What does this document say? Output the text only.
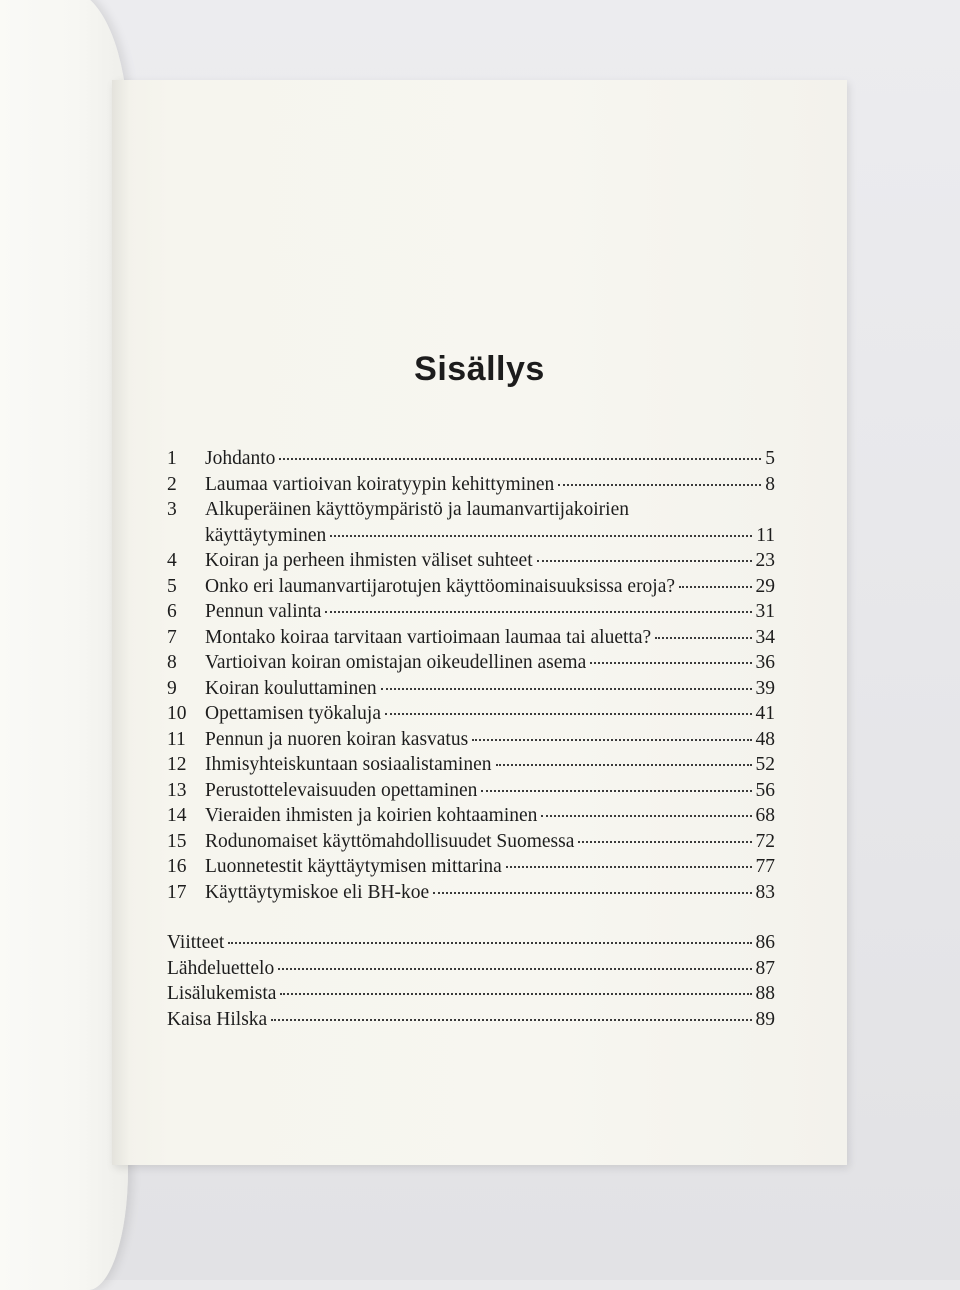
Sisällys
1	Johdanto	5
2	Laumaa vartioivan koiratyypin kehittyminen	8
3	Alkuperäinen käyttöympäristö ja laumanvartijakoirien
käyttäytyminen	11
4	Koiran ja perheen ihmisten väliset suhteet	23
5	Onko eri laumanvartijarotujen käyttöominaisuuksissa eroja?	29
6	Pennun valinta	31
7	Montako koiraa tarvitaan vartioimaan laumaa tai aluetta?	34
8	Vartioivan koiran omistajan oikeudellinen asema	36
9	Koiran kouluttaminen	39
10 Opettamisen työkaluja	41
11 Pennun ja nuoren koiran kasvatus	48
12 Ihmisyhteiskuntaan sosiaalistaminen	52
13 Perustottelevaisuuden opettaminen	56
14 Vieraiden ihmisten ja koirien kohtaaminen	68
15 Rodunomaiset käyttömahdollisuudet Suomessa	72
16 Luonnetestit käyttäytymisen mittarina	77
17 Käyttäytymiskoe eli BH-koe	83
Viitteet	86
Lähdeluettelo	87
Lisälukemista	88
Kaisa Hilska	89
